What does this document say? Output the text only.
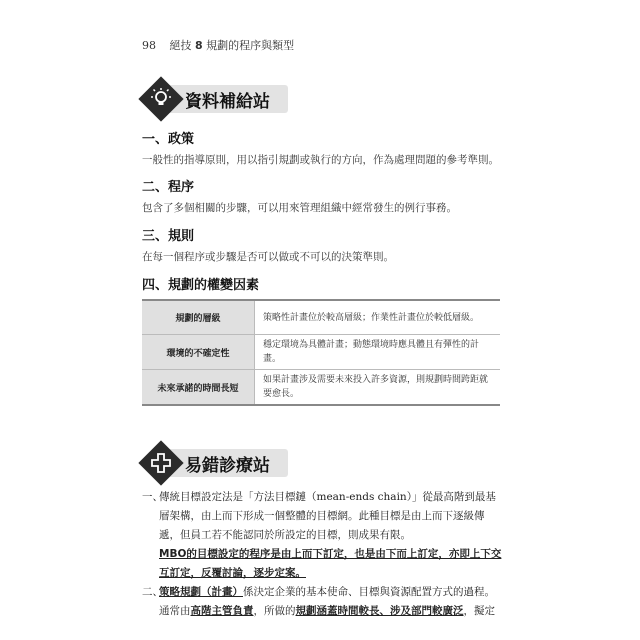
98 絕技 8 規劃的程序與類型
資料補給站
一、政策
一般性的指導原則，用以指引規劃或執行的方向，作為處理問題的參考準則。
二、程序
包含了多個相關的步驟，可以用來管理組織中經常發生的例行事務。
三、規則
在每一個程序或步驟是否可以做或不可以的決策準則。
四、規劃的權變因素
規劃的層級	策略性計畫位於較高層級；作業性計畫位於較低層級。
環境的不確定性	穩定環境為具體計畫；動態環境時應具體且有彈性的計畫。
未來承諾的時間長短	如果計畫涉及需要未來投入許多資源，則規劃時間跨距就要愈長。
易錯診療站
一、
傳統目標設定法是「方法目標鏈（mean-ends chain）」從最高階到最基層架構，由上而下形成一個整體的目標網。此種目標是由上而下逐級傳遞，但員工若不能認同於所設定的目標，則成果有限。
MBO的目標設定的程序是由上而下訂定，也是由下而上訂定，亦即上下交互訂定，反覆討論，逐步定案。
二、
策略規劃（計畫）係決定企業的基本使命、目標與資源配置方式的過程。通常由高階主管負責，所做的規劃涵蓋時間較長、涉及部門較廣泛，擬定
